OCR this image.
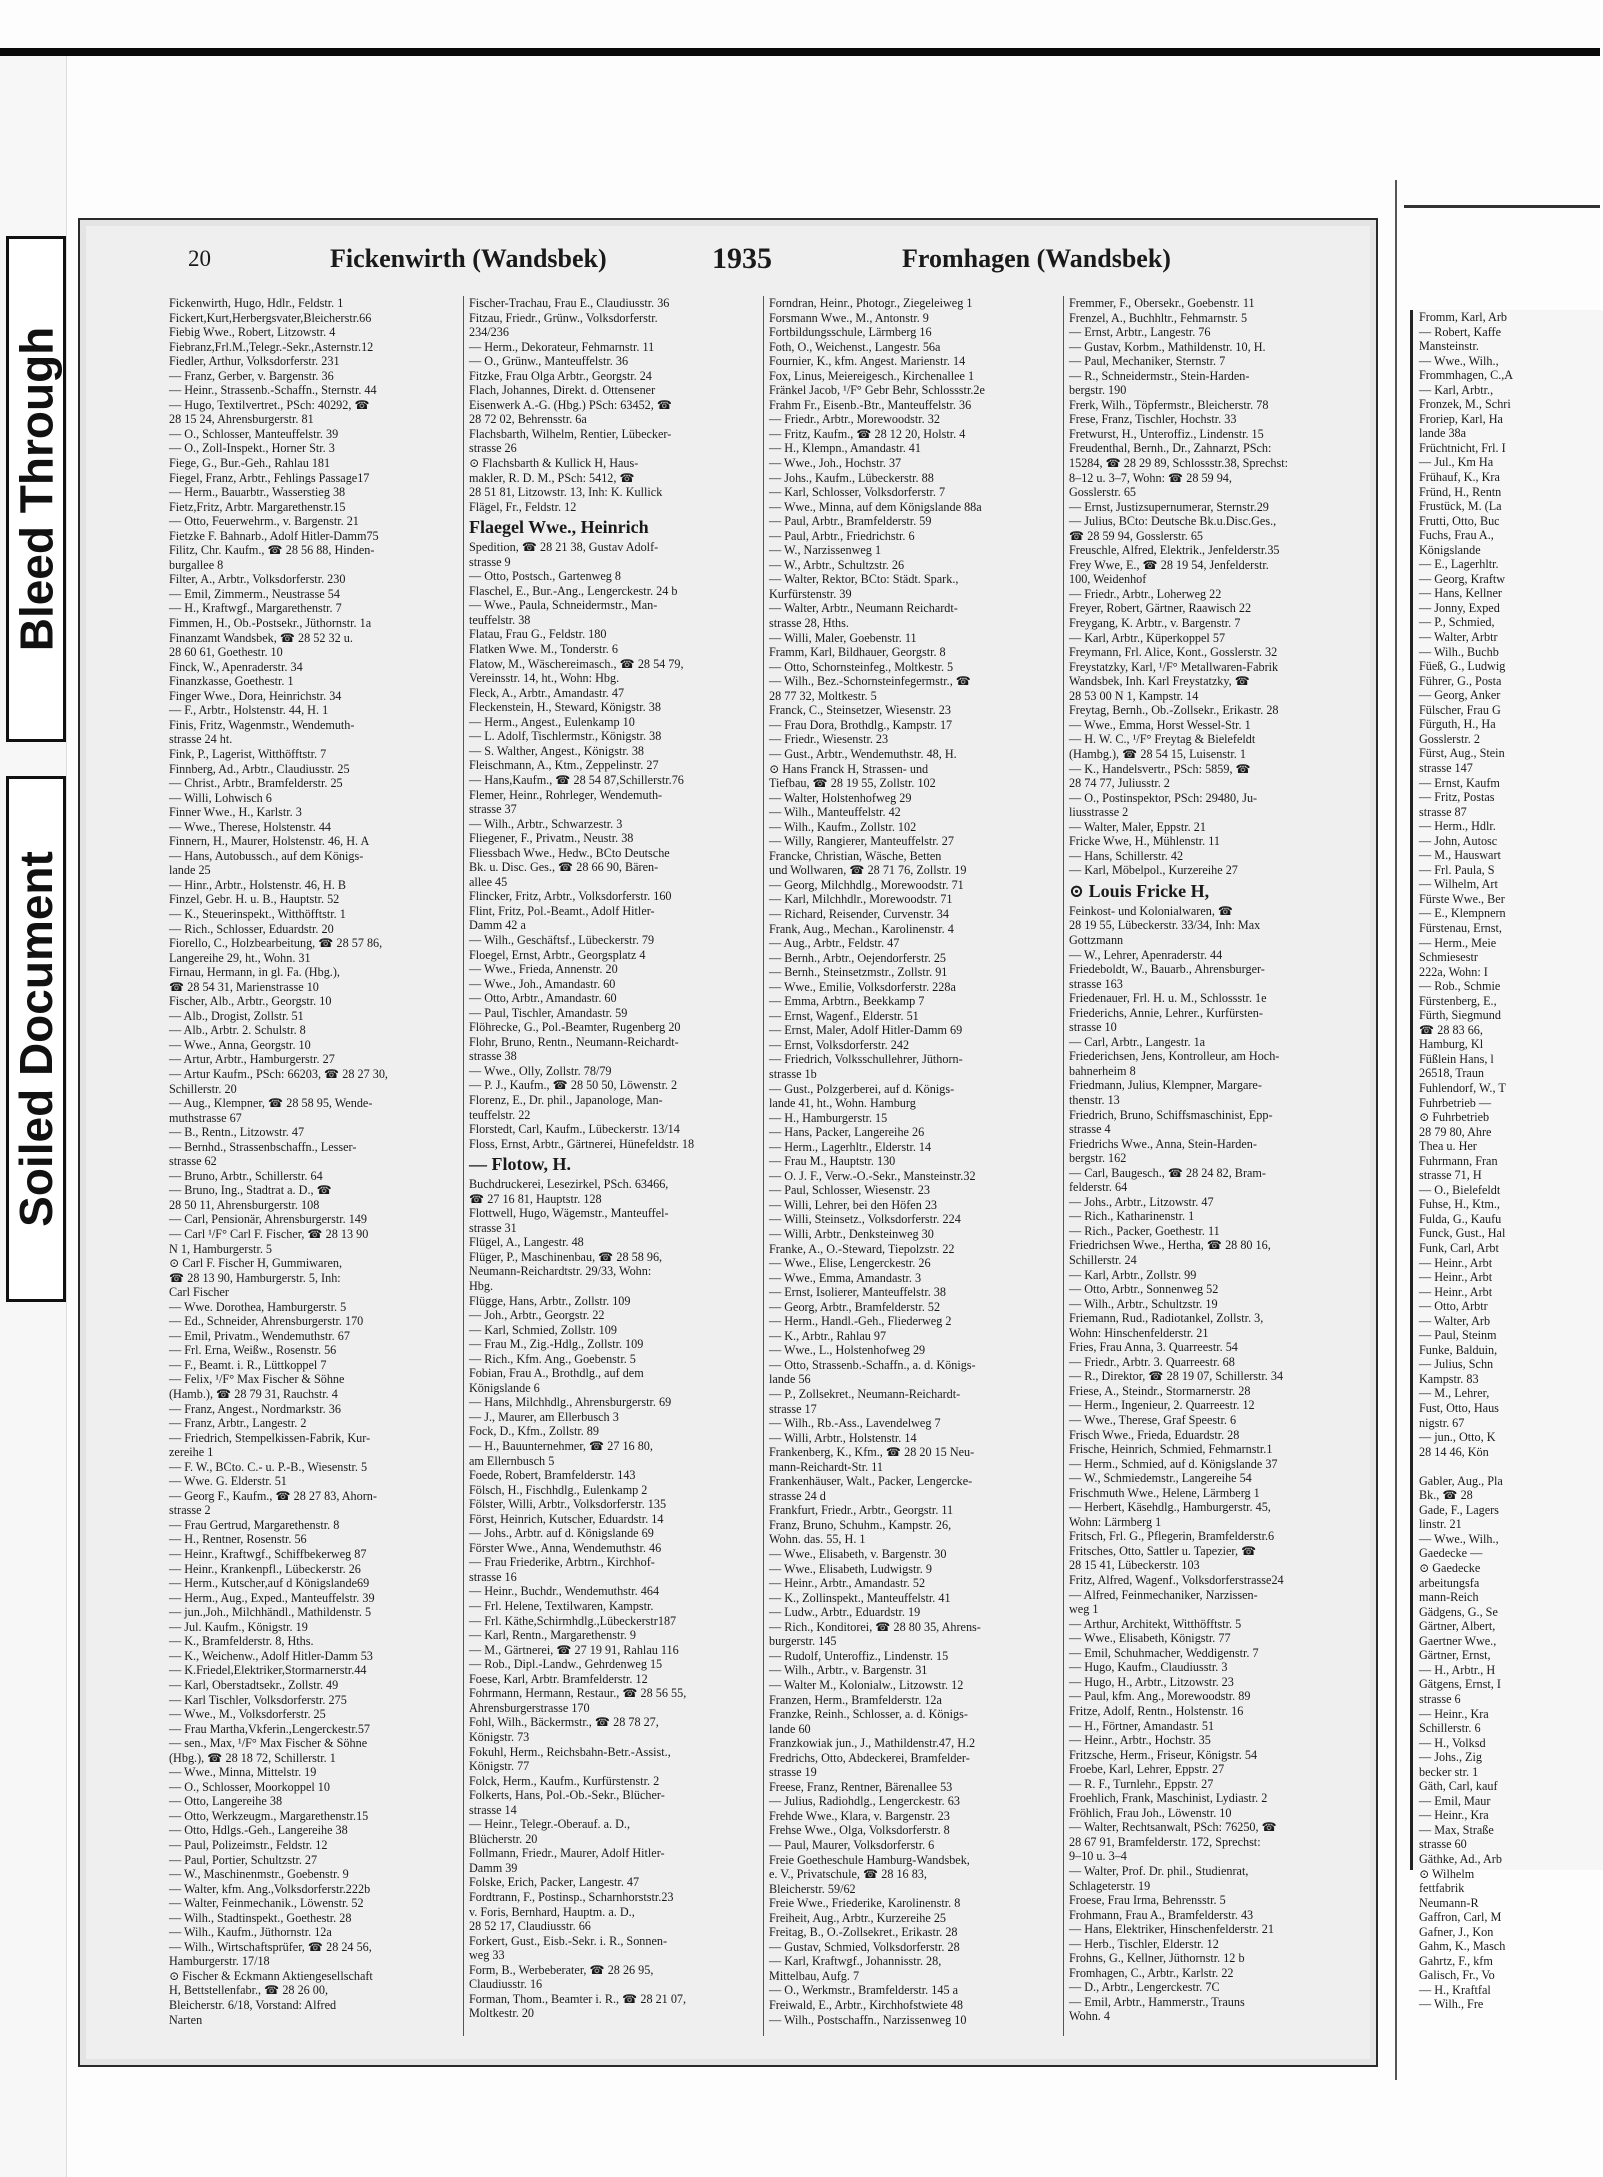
Bleed Through
Soiled Document
20	Fickenwirth (Wandsbek)	1935	Fromhagen (Wandsbek)

Fickenwirth, Hugo, Hdlr., Feldstr. 1

Fickert,Kurt,Herbergsvater,Bleicherstr.66

Fiebig Wwe., Robert, Litzowstr. 4

Fiebranz,Frl.M.,Telegr.-Sekr.,Asternstr.12

Fiedler, Arthur, Volksdorferstr. 231

— Franz, Gerber, v. Bargenstr. 36

— Heinr., Strassenb.-Schaffn., Sternstr. 44

— Hugo, Textilvertret., PSch: 40292, ☎

28 15 24, Ahrensburgerstr. 81

— O., Schlosser, Manteuffelstr. 39

— O., Zoll-Inspekt., Horner Str. 3

Fiege, G., Bur.-Geh., Rahlau 181

Fiegel, Franz, Arbtr., Fehlings Passage17

— Herm., Bauarbtr., Wasserstieg 38

Fietz,Fritz, Arbtr. Margarethenstr.15

— Otto, Feuerwehrm., v. Bargenstr. 21

Fietzke F. Bahnarb., Adolf Hitler-Damm75

Filitz, Chr. Kaufm., ☎ 28 56 88, Hinden-

burgallee 8

Filter, A., Arbtr., Volksdorferstr. 230

— Emil, Zimmerm., Neustrasse 54

— H., Kraftwgf., Margarethenstr. 7

Fimmen, H., Ob.-Postsekr., Jüthornstr. 1a

Finanzamt Wandsbek, ☎ 28 52 32 u.

28 60 61, Goethestr. 10

Finck, W., Apenraderstr. 34

Finanzkasse, Goethestr. 1

Finger Wwe., Dora, Heinrichstr. 34

— F., Arbtr., Holstenstr. 44, H. 1

Finis, Fritz, Wagenmstr., Wendemuth-

strasse 24 ht.

Fink, P., Lagerist, Witthöfftstr. 7

Finnberg, Ad., Arbtr., Claudiusstr. 25

— Christ., Arbtr., Bramfelderstr. 25

— Willi, Lohwisch 6

Finner Wwe., H., Karlstr. 3

— Wwe., Therese, Holstenstr. 44

Finnern, H., Maurer, Holstenstr. 46, H. A

— Hans, Autobussch., auf dem Königs-

lande 25

— Hinr., Arbtr., Holstenstr. 46, H. B

Finzel, Gebr. H. u. B., Hauptstr. 52

— K., Steuerinspekt., Witthöfftstr. 1

— Rich., Schlosser, Eduardstr. 20

Fiorello, C., Holzbearbeitung, ☎ 28 57 86,

Langereihe 29, ht., Wohn. 31

Firnau, Hermann, in gl. Fa. (Hbg.),

☎ 28 54 31, Marienstrasse 10

Fischer, Alb., Arbtr., Georgstr. 10

— Alb., Drogist, Zollstr. 51

— Alb., Arbtr. 2. Schulstr. 8

— Wwe., Anna, Georgstr. 10

— Artur, Arbtr., Hamburgerstr. 27

— Artur Kaufm., PSch: 66203, ☎ 28 27 30,

Schillerstr. 20

— Aug., Klempner, ☎ 28 58 95, Wende-

muthstrasse 67

— B., Rentn., Litzowstr. 47

— Bernhd., Strassenbschaffn., Lesser-

strasse 62

— Bruno, Arbtr., Schillerstr. 64

— Bruno, Ing., Stadtrat a. D., ☎

28 50 11, Ahrensburgerstr. 108

— Carl, Pensionär, Ahrensburgerstr. 149

— Carl ¹/F° Carl F. Fischer, ☎ 28 13 90

N 1, Hamburgerstr. 5

⊙ Carl F. Fischer H, Gummiwaren,

☎ 28 13 90, Hamburgerstr. 5, Inh:

Carl Fischer

— Wwe. Dorothea, Hamburgerstr. 5

— Ed., Schneider, Ahrensburgerstr. 170

— Emil, Privatm., Wendemuthstr. 67

— Frl. Erna, Weißw., Rosenstr. 56

— F., Beamt. i. R., Lüttkoppel 7

— Felix, ¹/F° Max Fischer & Söhne

(Hamb.), ☎ 28 79 31, Rauchstr. 4

— Franz, Angest., Nordmarkstr. 36

— Franz, Arbtr., Langestr. 2

— Friedrich, Stempelkissen-Fabrik, Kur-

zereihe 1

— F. W., BCto. C.- u. P.-B., Wiesenstr. 5

— Wwe. G. Elderstr. 51

— Georg F., Kaufm., ☎ 28 27 83, Ahorn-

strasse 2

— Frau Gertrud, Margarethenstr. 8

— H., Rentner, Rosenstr. 56

— Heinr., Kraftwgf., Schiffbekerweg 87

— Heinr., Krankenpfl., Lübeckerstr. 26

— Herm., Kutscher,auf d Königslande69

— Herm., Aug., Exped., Manteuffelstr. 39

— jun.,Joh., Milchhändl., Mathildenstr. 5

— Jul. Kaufm., Königstr. 19

— K., Bramfelderstr. 8, Hths.

— K., Weichenw., Adolf Hitler-Damm 53

— K.Friedel,Elektriker,Stormarnerstr.44

— Karl, Oberstadtsekr., Zollstr. 49

— Karl Tischler, Volksdorferstr. 275

— Wwe., M., Volksdorferstr. 25

— Frau Martha,Vkferin.,Lengerckestr.57

— sen., Max, ¹/F° Max Fischer & Söhne

(Hbg.), ☎ 28 18 72, Schillerstr. 1

— Wwe., Minna, Mittelstr. 19

— O., Schlosser, Moorkoppel 10

— Otto, Langereihe 38

— Otto, Werkzeugm., Margarethenstr.15

— Otto, Hdlgs.-Geh., Langereihe 38

— Paul, Polizeimstr., Feldstr. 12

— Paul, Portier, Schultzstr. 27

— W., Maschinenmstr., Goebenstr. 9

— Walter, kfm. Ang.,Volksdorferstr.222b

— Walter, Feinmechanik., Löwenstr. 52

— Wilh., Stadtinspekt., Goethestr. 28

— Wilh., Kaufm., Jüthornstr. 12a

— Wilh., Wirtschaftsprüfer, ☎ 28 24 56,

Hamburgerstr. 17/18

⊙ Fischer & Eckmann Aktiengesellschaft

H, Bettstellenfabr., ☎ 28 26 00,

Bleicherstr. 6/18, Vorstand: Alfred

Narten

Fischer-Trachau, Frau E., Claudiusstr. 36

Fitzau, Friedr., Grünw., Volksdorferstr.

234/236

— Herm., Dekorateur, Fehmarnstr. 11

— O., Grünw., Manteuffelstr. 36

Fitzke, Frau Olga Arbtr., Georgstr. 24

Flach, Johannes, Direkt. d. Ottensener

Eisenwerk A.-G. (Hbg.) PSch: 63452, ☎

28 72 02, Behrensstr. 6a

Flachsbarth, Wilhelm, Rentier, Lübecker-

strasse 26

⊙ Flachsbarth & Kullick H, Haus-

makler, R. D. M., PSch: 5412, ☎

28 51 81, Litzowstr. 13, Inh: K. Kullick

Flägel, Fr., Feldstr. 12

Flaegel Wwe., Heinrich

Spedition, ☎ 28 21 38, Gustav Adolf-

strasse 9

— Otto, Postsch., Gartenweg 8

Flaschel, E., Bur.-Ang., Lengerckestr. 24 b

— Wwe., Paula, Schneidermstr., Man-

teuffelstr. 38

Flatau, Frau G., Feldstr. 180

Flatken Wwe. M., Tonderstr. 6

Flatow, M., Wäschereimasch., ☎ 28 54 79,

Vereinsstr. 14, ht., Wohn: Hbg.

Fleck, A., Arbtr., Amandastr. 47

Fleckenstein, H., Steward, Königstr. 38

— Herm., Angest., Eulenkamp 10

— L. Adolf, Tischlermstr., Königstr. 38

— S. Walther, Angest., Königstr. 38

Fleischmann, A., Ktm., Zeppelinstr. 27

— Hans,Kaufm., ☎ 28 54 87,Schillerstr.76

Flemer, Heinr., Rohrleger, Wendemuth-

strasse 37

— Wilh., Arbtr., Schwarzestr. 3

Fliegener, F., Privatm., Neustr. 38

Fliessbach Wwe., Hedw., BCto Deutsche

Bk. u. Disc. Ges., ☎ 28 66 90, Bären-

allee 45

Flincker, Fritz, Arbtr., Volksdorferstr. 160

Flint, Fritz, Pol.-Beamt., Adolf Hitler-

Damm 42 a

— Wilh., Geschäftsf., Lübeckerstr. 79

Floegel, Ernst, Arbtr., Georgsplatz 4

— Wwe., Frieda, Annenstr. 20

— Wwe., Joh., Amandastr. 60

— Otto, Arbtr., Amandastr. 60

— Paul, Tischler, Amandastr. 59

Flöhrecke, G., Pol.-Beamter, Rugenberg 20

Flohr, Bruno, Rentn., Neumann-Reichardt-

strasse 38

— Wwe., Olly, Zollstr. 78/79

— P. J., Kaufm., ☎ 28 50 50, Löwenstr. 2

Florenz, E., Dr. phil., Japanologe, Man-

teuffelstr. 22

Florstedt, Carl, Kaufm., Lübeckerstr. 13/14

Floss, Ernst, Arbtr., Gärtnerei, Hünefeldstr. 18

— Flotow, H.

Buchdruckerei, Lesezirkel, PSch. 63466,

☎ 27 16 81, Hauptstr. 128

Flottwell, Hugo, Wägemstr., Manteuffel-

strasse 31

Flügel, A., Langestr. 48

Flüger, P., Maschinenbau, ☎ 28 58 96,

Neumann-Reichardtstr. 29/33, Wohn:

Hbg.

Flügge, Hans, Arbtr., Zollstr. 109

— Joh., Arbtr., Georgstr. 22

— Karl, Schmied, Zollstr. 109

— Frau M., Zig.-Hdlg., Zollstr. 109

— Rich., Kfm. Ang., Goebenstr. 5

Fobian, Frau A., Brothdlg., auf dem

Königslande 6

— Hans, Milchhdlg., Ahrensburgerstr. 69

— J., Maurer, am Ellerbusch 3

Fock, D., Kfm., Zollstr. 89

— H., Bauunternehmer, ☎ 27 16 80,

am Ellernbusch 5

Foede, Robert, Bramfelderstr. 143

Fölsch, H., Fischhdlg., Eulenkamp 2

Fölster, Willi, Arbtr., Volksdorferstr. 135

Först, Heinrich, Kutscher, Eduardstr. 14

— Johs., Arbtr. auf d. Königslande 69

Förster Wwe., Anna, Wendemuthstr. 46

— Frau Friederike, Arbtrn., Kirchhof-

strasse 16

— Heinr., Buchdr., Wendemuthstr. 464

— Frl. Helene, Textilwaren, Kampstr.

— Frl. Käthe,Schirmhdlg.,Lübeckerstr187

— Karl, Rentn., Margarethenstr. 9

— M., Gärtnerei, ☎ 27 19 91, Rahlau 116

— Rob., Dipl.-Landw., Gehrdenweg 15

Foese, Karl, Arbtr. Bramfelderstr. 12

Fohrmann, Hermann, Restaur., ☎ 28 56 55,

Ahrensburgerstrasse 170

Fohl, Wilh., Bäckermstr., ☎ 28 78 27,

Königstr. 73

Fokuhl, Herm., Reichsbahn-Betr.-Assist.,

Königstr. 77

Folck, Herm., Kaufm., Kurfürstenstr. 2

Folkerts, Hans, Pol.-Ob.-Sekr., Blücher-

strasse 14

— Heinr., Telegr.-Oberauf. a. D.,

Blücherstr. 20

Follmann, Friedr., Maurer, Adolf Hitler-

Damm 39

Folske, Erich, Packer, Langestr. 47

Fordtrann, F., Postinsp., Scharnhorststr.23

v. Foris, Bernhard, Hauptm. a. D.,

28 52 17, Claudiusstr. 66

Forkert, Gust., Eisb.-Sekr. i. R., Sonnen-

weg 33

Form, B., Werbeberater, ☎ 28 26 95,

Claudiusstr. 16

Forman, Thom., Beamter i. R., ☎ 28 21 07,

Moltkestr. 20

Forndran, Heinr., Photogr., Ziegeleiweg 1

Forsmann Wwe., M., Antonstr. 9

Fortbildungsschule, Lärmberg 16

Foth, O., Weichenst., Langestr. 56a

Fournier, K., kfm. Angest. Marienstr. 14

Fox, Linus, Meiereigesch., Kirchenallee 1

Fränkel Jacob, ¹/F° Gebr Behr, Schlossstr.2e

Frahm Fr., Eisenb.-Btr., Manteuffelstr. 36

— Friedr., Arbtr., Morewoodstr. 32

— Fritz, Kaufm., ☎ 28 12 20, Holstr. 4

— H., Klempn., Amandastr. 41

— Wwe., Joh., Hochstr. 37

— Johs., Kaufm., Lübeckerstr. 88

— Karl, Schlosser, Volksdorferstr. 7

— Wwe., Minna, auf dem Königslande 88a

— Paul, Arbtr., Bramfelderstr. 59

— Paul, Arbtr., Friedrichstr. 6

— W., Narzissenweg 1

— W., Arbtr., Schultzstr. 26

— Walter, Rektor, BCto: Städt. Spark.,

Kurfürstenstr. 39

— Walter, Arbtr., Neumann Reichardt-

strasse 28, Hths.

— Willi, Maler, Goebenstr. 11

Framm, Karl, Bildhauer, Georgstr. 8

— Otto, Schornsteinfeg., Moltkestr. 5

— Wilh., Bez.-Schornsteinfegermstr., ☎

28 77 32, Moltkestr. 5

Franck, C., Steinsetzer, Wiesenstr. 23

— Frau Dora, Brothdlg., Kampstr. 17

— Friedr., Wiesenstr. 23

— Gust., Arbtr., Wendemuthstr. 48, H.

⊙ Hans Franck H, Strassen- und

Tiefbau, ☎ 28 19 55, Zollstr. 102

— Walter, Holstenhofweg 29

— Wilh., Manteuffelstr. 42

— Wilh., Kaufm., Zollstr. 102

— Willy, Rangierer, Manteuffelstr. 27

Francke, Christian, Wäsche, Betten

und Wollwaren, ☎ 28 71 76, Zollstr. 19

— Georg, Milchhdlg., Morewoodstr. 71

— Karl, Milchhdlr., Morewoodstr. 71

— Richard, Reisender, Curvenstr. 34

Frank, Aug., Mechan., Karolinenstr. 4

— Aug., Arbtr., Feldstr. 47

— Bernh., Arbtr., Oejendorferstr. 25

— Bernh., Steinsetzmstr., Zollstr. 91

— Wwe., Emilie, Volksdorferstr. 228a

— Emma, Arbtrn., Beekkamp 7

— Ernst, Wagenf., Elderstr. 51

— Ernst, Maler, Adolf Hitler-Damm 69

— Ernst, Volksdorferstr. 242

— Friedrich, Volksschullehrer, Jüthorn-

strasse 1b

— Gust., Polzgerberei, auf d. Königs-

lande 41, ht., Wohn. Hamburg

— H., Hamburgerstr. 15

— Hans, Packer, Langereihe 26

— Herm., Lagerhltr., Elderstr. 14

— Frau M., Hauptstr. 130

— O. J. F., Verw.-O.-Sekr., Mansteinstr.32

— Paul, Schlosser, Wiesenstr. 23

— Willi, Lehrer, bei den Höfen 23

— Willi, Steinsetz., Volksdorferstr. 224

— Willi, Arbtr., Denksteinweg 30

Franke, A., O.-Steward, Tiepolzstr. 22

— Wwe., Elise, Lengerckestr. 26

— Wwe., Emma, Amandastr. 3

— Ernst, Isolierer, Manteuffelstr. 38

— Georg, Arbtr., Bramfelderstr. 52

— Herm., Handl.-Geh., Fliederweg 2

— K., Arbtr., Rahlau 97

— Wwe., L., Holstenhofweg 29

— Otto, Strassenb.-Schaffn., a. d. Königs-

lande 56

— P., Zollsekret., Neumann-Reichardt-

strasse 17

— Wilh., Rb.-Ass., Lavendelweg 7

— Willi, Arbtr., Holstenstr. 14

Frankenberg, K., Kfm., ☎ 28 20 15 Neu-

mann-Reichardt-Str. 11

Frankenhäuser, Walt., Packer, Lengercke-

strasse 24 d

Frankfurt, Friedr., Arbtr., Georgstr. 11

Franz, Bruno, Schuhm., Kampstr. 26,

Wohn. das. 55, H. 1

— Wwe., Elisabeth, v. Bargenstr. 30

— Wwe., Elisabeth, Ludwigstr. 9

— Heinr., Arbtr., Amandastr. 52

— K., Zollinspekt., Manteuffelstr. 41

— Ludw., Arbtr., Eduardstr. 19

— Rich., Konditorei, ☎ 28 80 35, Ahrens-

burgerstr. 145

— Rudolf, Unteroffiz., Lindenstr. 15

— Wilh., Arbtr., v. Bargenstr. 31

— Walter M., Kolonialw., Litzowstr. 12

Franzen, Herm., Bramfelderstr. 12a

Franzke, Reinh., Schlosser, a. d. Königs-

lande 60

Franzkowiak jun., J., Mathildenstr.47, H.2

Fredrichs, Otto, Abdeckerei, Bramfelder-

strasse 19

Freese, Franz, Rentner, Bärenallee 53

— Julius, Radiohdlg., Lengerckestr. 63

Frehde Wwe., Klara, v. Bargenstr. 23

Frehse Wwe., Olga, Volksdorferstr. 8

— Paul, Maurer, Volksdorferstr. 6

Freie Goetheschule Hamburg-Wandsbek,

e. V., Privatschule, ☎ 28 16 83,

Bleicherstr. 59/62

Freie Wwe., Friederike, Karolinenstr. 8

Freiheit, Aug., Arbtr., Kurzereihe 25

Freitag, B., O.-Zollsekret., Erikastr. 28

— Gustav, Schmied, Volksdorferstr. 28

— Karl, Kraftwgf., Johannisstr. 28,

Mittelbau, Aufg. 7

— O., Werkmstr., Bramfelderstr. 145 a

Freiwald, E., Arbtr., Kirchhofstwiete 48

— Wilh., Postschaffn., Narzissenweg 10

Fremmer, F., Obersekr., Goebenstr. 11

Frenzel, A., Buchhltr., Fehmarnstr. 5

— Ernst, Arbtr., Langestr. 76

— Gustav, Korbm., Mathildenstr. 10, H.

— Paul, Mechaniker, Sternstr. 7

— R., Schneidermstr., Stein-Harden-

bergstr. 190

Frerk, Wilh., Töpfermstr., Bleicherstr. 78

Frese, Franz, Tischler, Hochstr. 33

Fretwurst, H., Unteroffiz., Lindenstr. 15

Freudenthal, Bernh., Dr., Zahnarzt, PSch:

15284, ☎ 28 29 89, Schlossstr.38, Sprechst:

8–12 u. 3–7, Wohn: ☎ 28 59 94,

Gosslerstr. 65

— Ernst, Justizsupernumerar, Sternstr.29

— Julius, BCto: Deutsche Bk.u.Disc.Ges.,

☎ 28 59 94, Gosslerstr. 65

Freuschle, Alfred, Elektrik., Jenfelderstr.35

Frey Wwe, E., ☎ 28 19 54, Jenfelderstr.

100, Weidenhof

— Friedr., Arbtr., Loherweg 22

Freyer, Robert, Gärtner, Raawisch 22

Freygang, K. Arbtr., v. Bargenstr. 7

— Karl, Arbtr., Küperkoppel 57

Freymann, Frl. Alice, Kont., Gosslerstr. 32

Freystatzky, Karl, ¹/F° Metallwaren-Fabrik

Wandsbek, Inh. Karl Freystatzky, ☎

28 53 00 N 1, Kampstr. 14

Freytag, Bernh., Ob.-Zollsekr., Erikastr. 28

— Wwe., Emma, Horst Wessel-Str. 1

— H. W. C., ¹/F° Freytag & Bielefeldt

(Hambg.), ☎ 28 54 15, Luisenstr. 1

— K., Handelsvertr., PSch: 5859, ☎

28 74 77, Juliusstr. 2

— O., Postinspektor, PSch: 29480, Ju-

liusstrasse 2

— Walter, Maler, Eppstr. 21

Fricke Wwe, H., Mühlenstr. 11

— Hans, Schillerstr. 42

— Karl, Möbelpol., Kurzereihe 27

⊙ Louis Fricke H,

Feinkost- und Kolonialwaren, ☎

28 19 55, Lübeckerstr. 33/34, Inh: Max

Gottzmann

— W., Lehrer, Apenraderstr. 44

Friedeboldt, W., Bauarb., Ahrensburger-

strasse 163

Friedenauer, Frl. H. u. M., Schlossstr. 1e

Friederichs, Annie, Lehrer., Kurfürsten-

strasse 10

— Carl, Arbtr., Langestr. 1a

Friederichsen, Jens, Kontrolleur, am Hoch-

bahnerheim 8

Friedmann, Julius, Klempner, Margare-

thenstr. 13

Friedrich, Bruno, Schiffsmaschinist, Epp-

strasse 4

Friedrichs Wwe., Anna, Stein-Harden-

bergstr. 162

— Carl, Baugesch., ☎ 28 24 82, Bram-

felderstr. 64

— Johs., Arbtr., Litzowstr. 47

— Rich., Katharinenstr. 1

— Rich., Packer, Goethestr. 11

Friedrichsen Wwe., Hertha, ☎ 28 80 16,

Schillerstr. 24

— Karl, Arbtr., Zollstr. 99

— Otto, Arbtr., Sonnenweg 52

— Wilh., Arbtr., Schultzstr. 19

Friemann, Rud., Radiotankel, Zollstr. 3,

Wohn: Hinschenfelderstr. 21

Fries, Frau Anna, 3. Quarreestr. 54

— Friedr., Arbtr. 3. Quarreestr. 68

— R., Direktor, ☎ 28 19 07, Schillerstr. 34

Friese, A., Steindr., Stormarnerstr. 28

— Herm., Ingenieur, 2. Quarreestr. 12

— Wwe., Therese, Graf Speestr. 6

Frisch Wwe., Frieda, Eduardstr. 28

Frische, Heinrich, Schmied, Fehmarnstr.1

— Herm., Schmied, auf d. Königslande 37

— W., Schmiedemstr., Langereihe 54

Frischmuth Wwe., Helene, Lärmberg 1

— Herbert, Käsehdlg., Hamburgerstr. 45,

Wohn: Lärmberg 1

Fritsch, Frl. G., Pflegerin, Bramfelderstr.6

Fritsches, Otto, Sattler u. Tapezier, ☎

28 15 41, Lübeckerstr. 103

Fritz, Alfred, Wagenf., Volksdorferstrasse24

— Alfred, Feinmechaniker, Narzissen-

weg 1

— Arthur, Architekt, Witthöfftstr. 5

— Wwe., Elisabeth, Königstr. 77

— Emil, Schuhmacher, Weddigenstr. 7

— Hugo, Kaufm., Claudiusstr. 3

— Hugo, H., Arbtr., Litzowstr. 23

— Paul, kfm. Ang., Morewoodstr. 89

Fritze, Adolf, Rentn., Holstenstr. 16

— H., Förtner, Amandastr. 51

— Heinr., Arbtr., Hochstr. 35

Fritzsche, Herm., Friseur, Königstr. 54

Froebe, Karl, Lehrer, Eppstr. 27

— R. F., Turnlehr., Eppstr. 27

Froehlich, Frank, Maschinist, Lydiastr. 2

Fröhlich, Frau Joh., Löwenstr. 10

— Walter, Rechtsanwalt, PSch: 76250, ☎

28 67 91, Bramfelderstr. 172, Sprechst:

9–10 u. 3–4

— Walter, Prof. Dr. phil., Studienrat,

Schlageterstr. 19

Froese, Frau Irma, Behrensstr. 5

Frohmann, Frau A., Bramfelderstr. 43

— Hans, Elektriker, Hinschenfelderstr. 21

— Herb., Tischler, Elderstr. 12

Frohns, G., Kellner, Jüthornstr. 12 b

Fromhagen, C., Arbtr., Karlstr. 22

— D., Arbtr., Lengerckestr. 7C

— Emil, Arbtr., Hammerstr., Trauns

Wohn. 4

Fromm, Karl, Arb

— Robert, Kaffe

Mansteinstr.

— Wwe., Wilh.,

Frommhagen, C.,A

— Karl, Arbtr.,

Fronzek, M., Schri

Froriep, Karl, Ha

lande 38a

Früchtnicht, Frl. I

— Jul., Km Ha

Frühauf, K., Kra

Fründ, H., Rentn

Frustück, M. (La

Frutti, Otto, Buc

Fuchs, Frau A.,

Königslande

— E., Lagerhltr.

— Georg, Kraftw

— Hans, Kellner

— Jonny, Exped

— P., Schmied,

— Walter, Arbtr

— Wilh., Buchb

Füeß, G., Ludwig

Führer, G., Posta

— Georg, Anker

Fülscher, Frau G

Fürguth, H., Ha

Gosslerstr. 2

Fürst, Aug., Stein

strasse 147

— Ernst, Kaufm

— Fritz, Postas

strasse 87

— Herm., Hdlr.

— John, Autosc

— M., Hauswart

— Frl. Paula, S

— Wilhelm, Art

Fürste Wwe., Ber

— E., Klempnern

Fürstenau, Ernst,

— Herm., Meie

Schmiesestr

222a, Wohn: I

— Rob., Schmie

Fürstenberg, E.,

Fürth, Siegmund

☎ 28 83 66,

Hamburg, Kl

Füßlein Hans, l

26518, Traun

Fuhlendorf, W., T

Fuhrbetrieb —

⊙ Fuhrbetrieb

28 79 80, Ahre

Thea u. Her

Fuhrmann, Fran

strasse 71, H

— O., Bielefeldt

Fuhse, H., Ktm.,

Fulda, G., Kaufu

Funck, Gust., Hal

Funk, Carl, Arbt

— Heinr., Arbt

— Heinr., Arbt

— Heinr., Arbt

— Otto, Arbtr

— Walter, Arb

— Paul, Steinm

Funke, Balduin,

— Julius, Schn

Kampstr. 83

— M., Lehrer,

Fust, Otto, Haus

nigstr. 67

— jun., Otto, K

28 14 46, Kön

Gabler, Aug., Pla

Bk., ☎ 28

Gade, F., Lagers

linstr. 21

— Wwe., Wilh.,

Gaedecke —

⊙ Gaedecke

arbeitungsfa

mann-Reich

Gädgens, G., Se

Gärtner, Albert,

Gaertner Wwe.,

Gärtner, Ernst,

— H., Arbtr., H

Gätgens, Ernst, I

strasse 6

— Heinr., Kra

Schillerstr. 6

— H., Volksd

— Johs., Zig

becker str. 1

Gäth, Carl, kauf

— Emil, Maur

— Heinr., Kra

— Max, Straße

strasse 60

Gäthke, Ad., Arb

⊙ Wilhelm

fettfabrik

Neumann-R

Gaffron, Carl, M

Gafner, J., Kon

Gahm, K., Masch

Gahrtz, F., kfm

Galisch, Fr., Vo

— H., Kraftfal

— Wilh., Fre
